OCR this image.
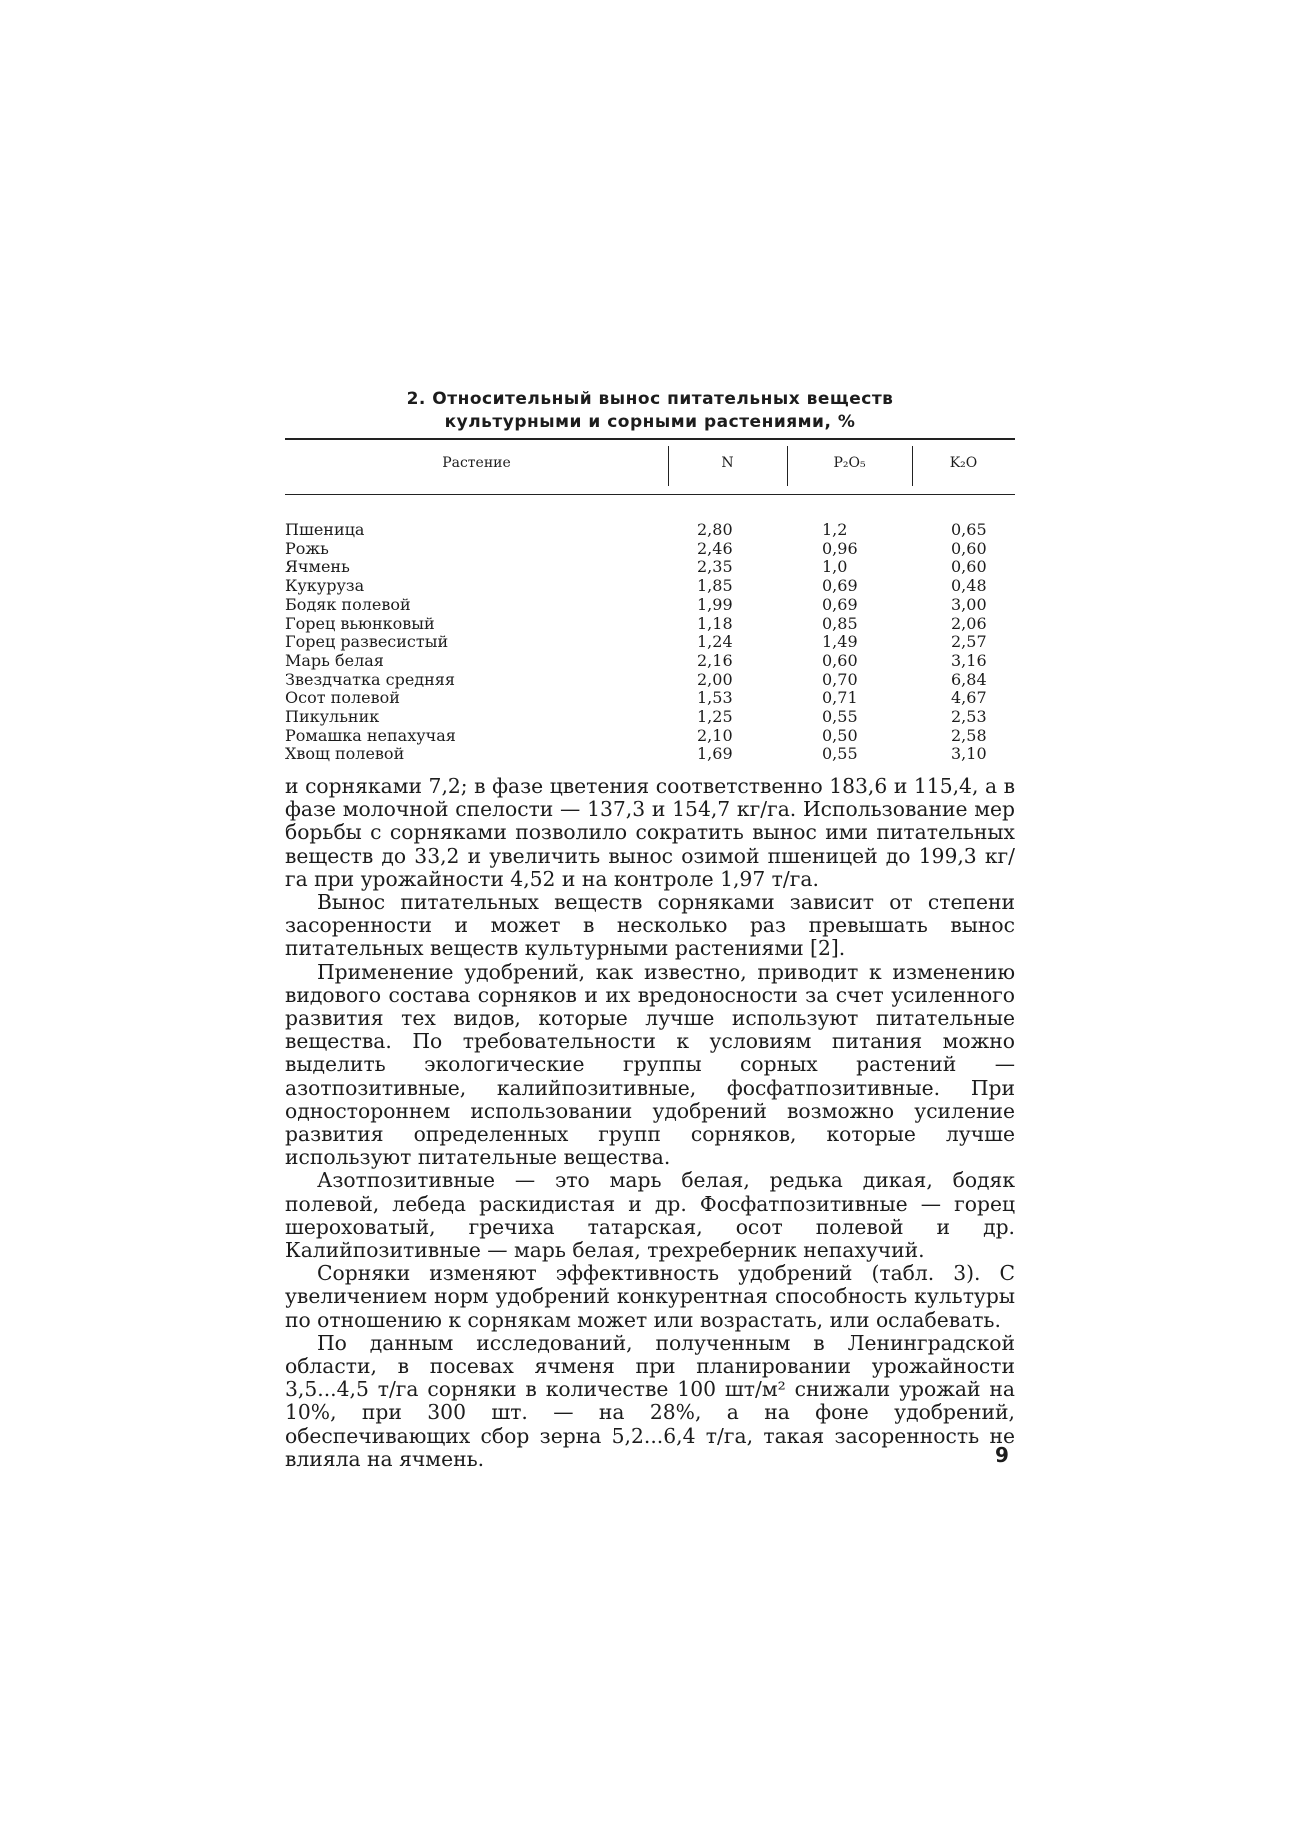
2. Относительный вынос питательных веществ
культурными и сорными растениями, %
Растение	N	P₂O₅	K₂O
Пшеница	2,80	1,2	0,65
Рожь	2,46	0,96	0,60
Ячмень	2,35	1,0	0,60
Кукуруза	1,85	0,69	0,48
Бодяк полевой	1,99	0,69	3,00
Горец вьюнковый	1,18	0,85	2,06
Горец развесистый	1,24	1,49	2,57
Марь белая	2,16	0,60	3,16
Звездчатка средняя	2,00	0,70	6,84
Осот полевой	1,53	0,71	4,67
Пикульник	1,25	0,55	2,53
Ромашка непахучая	2,10	0,50	2,58
Хвощ полевой	1,69	0,55	3,10

и сорняками 7,2; в фазе цветения соответственно 183,6 и 115,4, а в фазе молочной спелости — 137,3 и 154,7 кг/га. Использование мер борьбы с сорняками позволило сократить вынос ими питательных веществ до 33,2 и увеличить вынос озимой пшеницей до 199,3 кг/га при урожайности 4,52 и на контроле 1,97 т/га.

Вынос питательных веществ сорняками зависит от степени засоренности и может в несколько раз превышать вынос питательных веществ культурными растениями [2].

Применение удобрений, как известно, приводит к изменению видового состава сорняков и их вредоносности за счет усиленного развития тех видов, которые лучше используют питательные вещества. По требовательности к условиям питания можно выделить экологические группы сорных растений — азотпозитивные, калийпозитивные, фосфатпозитивные. При одностороннем использовании удобрений возможно усиление развития определенных групп сорняков, которые лучше используют питательные вещества.

Азотпозитивные — это марь белая, редька дикая, бодяк полевой, лебеда раскидистая и др. Фосфатпозитивные — горец шероховатый, гречиха татарская, осот полевой и др. Калийпозитивные — марь белая, трехреберник непахучий.

Сорняки изменяют эффективность удобрений (табл. 3). С увеличением норм удобрений конкурентная способность культуры по отношению к сорнякам может или возрастать, или ослабевать.

По данным исследований, полученным в Ленинградской области, в посевах ячменя при планировании урожайности 3,5...4,5 т/га сорняки в количестве 100 шт/м² снижали урожай на 10%, при 300 шт. — на 28%, а на фоне удобрений, обеспечивающих сбор зерна 5,2...6,4 т/га, такая засоренность не влияла на ячмень.	9
